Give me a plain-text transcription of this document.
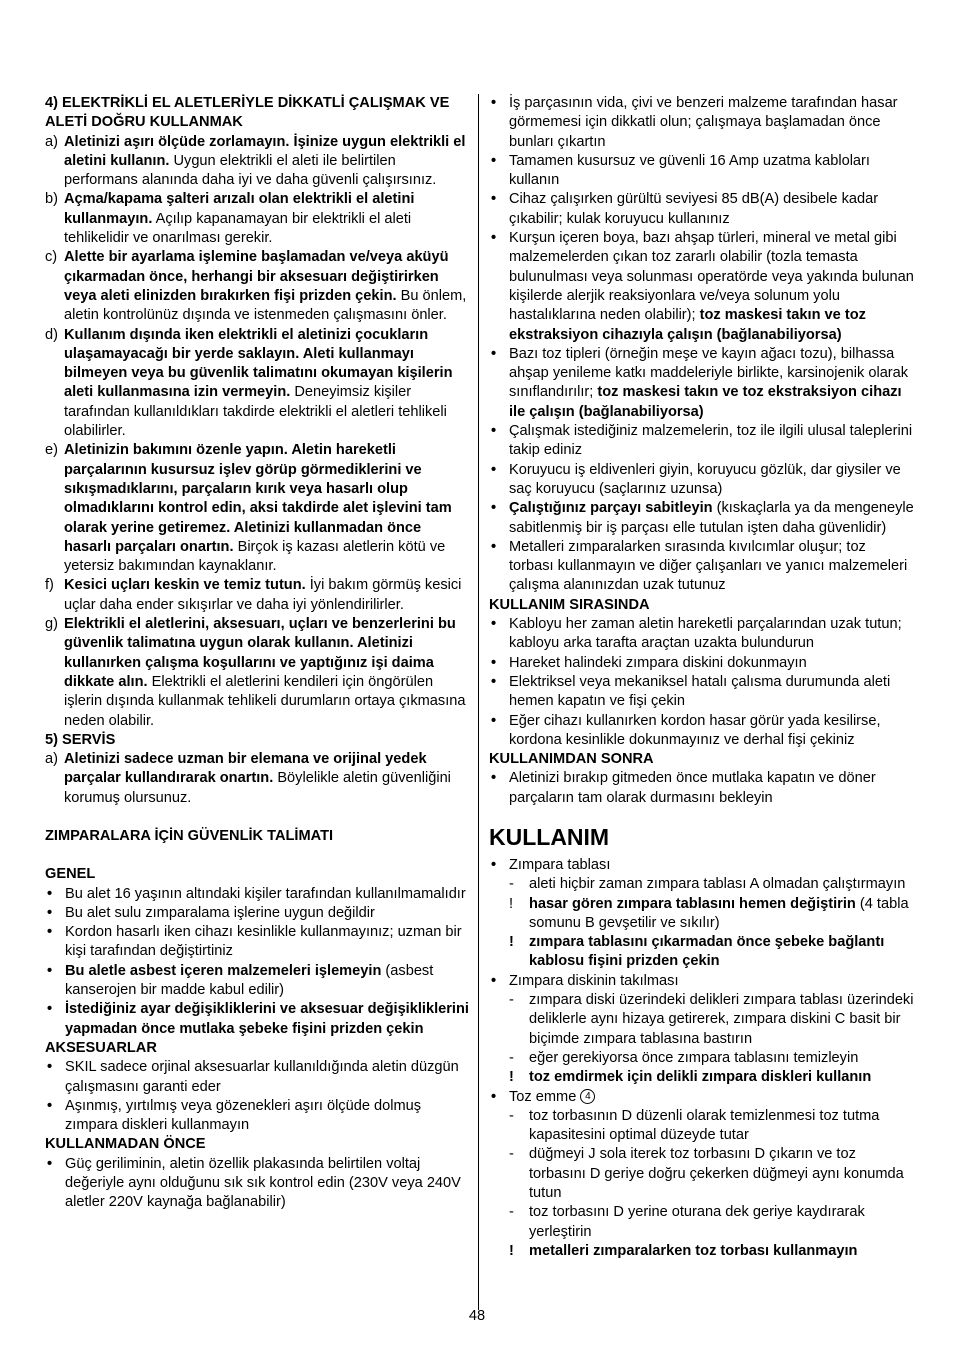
4) ELEKTRİKLİ EL ALETLERİYLE DİKKATLİ ÇALIŞMAK VE ALETİ DOĞRU KULLANMAK
a) Aletinizi aşırı ölçüde zorlamayın. İşinize uygun elektrikli el aletini kullanın. Uygun elektrikli el aleti ile belirtilen performans alanında daha iyi ve daha güvenli çalışırsınız.
b) Açma/kapama şalteri arızalı olan elektrikli el aletini kullanmayın. Açılıp kapanamayan bir elektrikli el aleti tehlikelidir ve onarılması gerekir.
c) Alette bir ayarlama işlemine başlamadan ve/veya aküyü çıkarmadan önce, herhangi bir aksesuarı değiştirirken veya aleti elinizden bırakırken fişi prizden çekin. Bu önlem, aletin kontrolünüz dışında ve istenmeden çalışmasını önler.
d) Kullanım dışında iken elektrikli el aletinizi çocukların ulaşamayacağı bir yerde saklayın. Aleti kullanmayı bilmeyen veya bu güvenlik talimatını okumayan kişilerin aleti kullanmasına izin vermeyin. Deneyimsiz kişiler tarafından kullanıldıkları takdirde elektrikli el aletleri tehlikeli olabilirler.
e) Aletinizin bakımını özenle yapın. Aletin hareketli parçalarının kusursuz işlev görüp görmediklerini ve sıkışmadıklarını, parçaların kırık veya hasarlı olup olmadıklarını kontrol edin, aksi takdirde alet işlevini tam olarak yerine getiremez. Aletinizi kullanmadan önce hasarlı parçaları onartın. Birçok iş kazası aletlerin kötü ve yetersiz bakımından kaynaklanır.
f) Kesici uçları keskin ve temiz tutun. İyi bakım görmüş kesici uçlar daha ender sıkışırlar ve daha iyi yönlendirilirler.
g) Elektrikli el aletlerini, aksesuarı, uçları ve benzerlerini bu güvenlik talimatına uygun olarak kullanın. Aletinizi kullanırken çalışma koşullarını ve yaptığınız işi daima dikkate alın. Elektrikli el aletlerini kendileri için öngörülen işlerin dışında kullanmak tehlikeli durumların ortaya çıkmasına neden olabilir.
5) SERVİS
a) Aletinizi sadece uzman bir elemana ve orijinal yedek parçalar kullandırarak onartın. Böylelikle aletin güvenliğini korumuş olursunuz.
ZIMPARALARA İÇİN GÜVENLİK TALİMATI
GENEL
• Bu alet 16 yaşının altındaki kişiler tarafından kullanılmamalıdır
• Bu alet sulu zımparalama işlerine uygun değildir
• Kordon hasarlı iken cihazı kesinlikle kullanmayınız; uzman bir kişi tarafından değiştirtiniz
• Bu aletle asbest içeren malzemeleri işlemeyin (asbest kanserojen bir madde kabul edilir)
• İstediğiniz ayar değişikliklerini ve aksesuar değişikliklerini yapmadan önce mutlaka şebeke fişini prizden çekin
AKSESUARLAR
• SKIL sadece orjinal aksesuarlar kullanıldığında aletin düzgün çalışmasını garanti eder
• Aşınmış, yırtılmış veya gözenekleri aşırı ölçüde dolmuş zımpara diskleri kullanmayın
KULLANMADAN ÖNCE
• Güç geriliminin, aletin özellik plakasında belirtilen voltaj değeriyle aynı olduğunu sık sık kontrol edin (230V veya 240V aletler 220V kaynağa bağlanabilir)
• İş parçasının vida, çivi ve benzeri malzeme tarafından hasar görmemesi için dikkatli olun; çalışmaya başlamadan önce bunları çıkartın
• Tamamen kusursuz ve güvenli 16 Amp uzatma kabloları kullanın
• Cihaz çalışırken gürültü seviyesi 85 dB(A) desibele kadar çıkabilir; kulak koruyucu kullanınız
• Kurşun içeren boya, bazı ahşap türleri, mineral ve metal gibi malzemelerden çıkan toz zararlı olabilir (tozla temasta bulunulması veya solunması operatörde veya yakında bulunan kişilerde alerjik reaksiyonlara ve/veya solunum yolu hastalıklarına neden olabilir); toz maskesi takın ve toz ekstraksiyon cihazıyla çalışın (bağlanabiliyorsa)
• Bazı toz tipleri (örneğin meşe ve kayın ağacı tozu), bilhassa ahşap yenileme katkı maddeleriyle birlikte, karsinojenik olarak sınıflandırılır; toz maskesi takın ve toz ekstraksiyon cihazı ile çalışın (bağlanabiliyorsa)
• Çalışmak istediğiniz malzemelerin, toz ile ilgili ulusal taleplerini takip ediniz
• Koruyucu iş eldivenleri giyin, koruyucu gözlük, dar giysiler ve saç koruyucu (saçlarınız uzunsa)
• Çalıştığınız parçayı sabitleyin (kıskaçlarla ya da mengeneyle sabitlenmiş bir iş parçası elle tutulan işten daha güvenlidir)
• Metalleri zımparalarken sırasında kıvılcımlar oluşur; toz torbası kullanmayın ve diğer çalışanları ve yanıcı malzemeleri çalışma alanınızdan uzak tutunuz
KULLANIM SIRASINDA
• Kabloyu her zaman aletin hareketli parçalarından uzak tutun; kabloyu arka tarafta araçtan uzakta bulundurun
• Hareket halindeki zımpara diskini dokunmayın
• Elektriksel veya mekaniksel hatalı çalısma durumunda aleti hemen kapatın ve fişi çekin
• Eğer cihazı kullanırken kordon hasar görür yada kesilirse, kordona kesinlikle dokunmayınız ve derhal fişi çekiniz
KULLANIMDAN SONRA
• Aletinizi bırakıp gitmeden önce mutlaka kapatın ve döner parçaların tam olarak durmasını bekleyin
KULLANIM
• Zımpara tablası
- aleti hiçbir zaman zımpara tablası A olmadan çalıştırmayın
! hasar gören zımpara tablasını hemen değiştirin (4 tabla somunu B gevşetilir ve sıkılır)
! zımpara tablasını çıkarmadan önce şebeke bağlantı kablosu fişini prizden çekin
• Zımpara diskinin takılması
- zımpara diski üzerindeki delikleri zımpara tablası üzerindeki deliklerle aynı hizaya getirerek, zımpara diskini C basit bir biçimde zımpara tablasına bastırın
- eğer gerekiyorsa önce zımpara tablasını temizleyin
! toz emdirmek için delikli zımpara diskleri kullanın
• Toz emme 4
- toz torbasının D düzenli olarak temizlenmesi toz tutma kapasitesini optimal düzeyde tutar
- düğmeyi J sola iterek toz torbasını D çıkarın ve toz torbasını D geriye doğru çekerken düğmeyi aynı konumda tutun
- toz torbasını D yerine oturana dek geriye kaydırarak yerleştirin
! metalleri zımparalarken toz torbası kullanmayın
48
